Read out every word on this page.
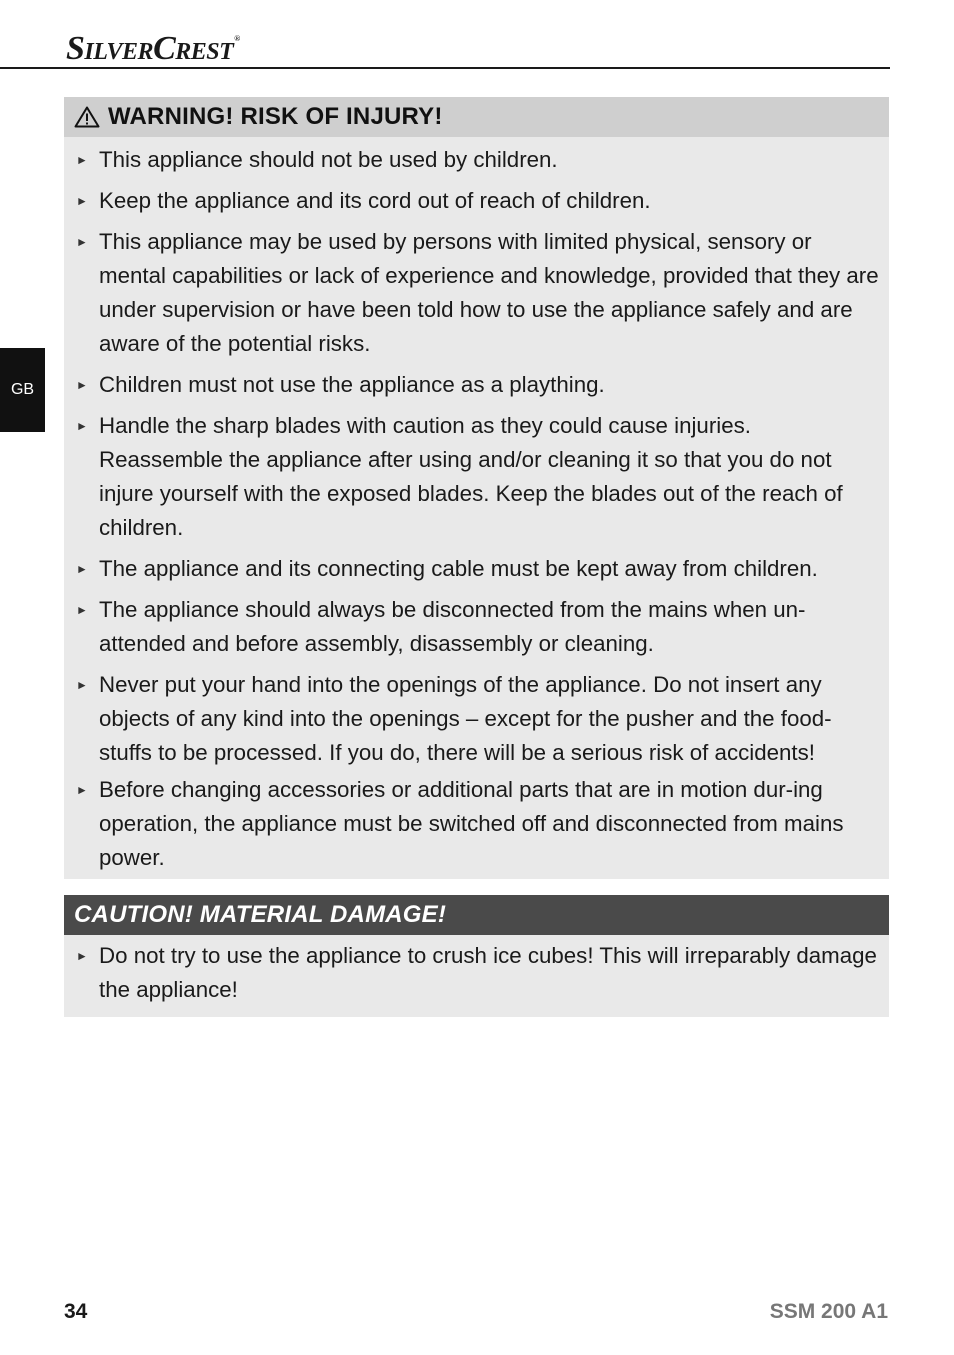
SILVERCREST®
GB
WARNING! RISK OF INJURY!
► This appliance should not be used by children.
► Keep the appliance and its cord out of reach of children.
► This appliance may be used by persons with limited physical, sensory or mental capabilities or lack of experience and knowledge, provided that they are under supervision or have been told how to use the appliance safely and are aware of the potential risks.
► Children must not use the appliance as a plaything.
► Handle the sharp blades with caution as they could cause injuries. Reassemble the appliance after using and/or cleaning it so that you do not injure yourself with the exposed blades. Keep the blades out of the reach of children.
► The appliance and its connecting cable must be kept away from children.
► The appliance should always be disconnected from the mains when un-attended and before assembly, disassembly or cleaning.
► Never put your hand into the openings of the appliance. Do not insert any objects of any kind into the openings – except for the pusher and the food-stuffs to be processed. If you do, there will be a serious risk of accidents!
► Before changing accessories or additional parts that are in motion dur-ing operation, the appliance must be switched off and disconnected from mains power.
CAUTION! MATERIAL DAMAGE!
► Do not try to use the appliance to crush ice cubes! This will irreparably damage the appliance!
34	SSM 200 A1
